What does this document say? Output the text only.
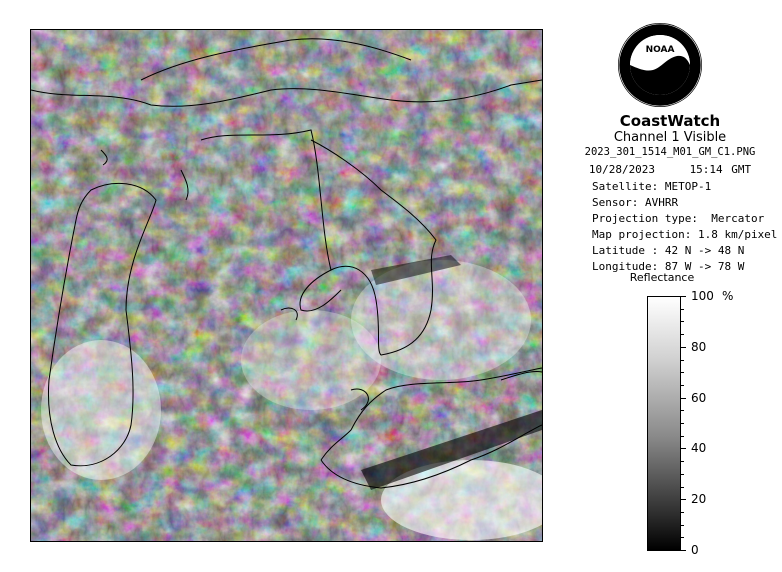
NOAA
CoastWatch
Channel 1 Visible
2023_301_1514_M01_GM_C1.PNG
10/28/2023	15:14 GMT
Satellite: METOP-1
Sensor: AVHRR
Projection type:  Mercator
Map projection: 1.8 km/pixel
Latitude : 42 N -> 48 N
Longitude: 87 W -> 78 W
Reflectance
%
100
80
60
40
20
0
